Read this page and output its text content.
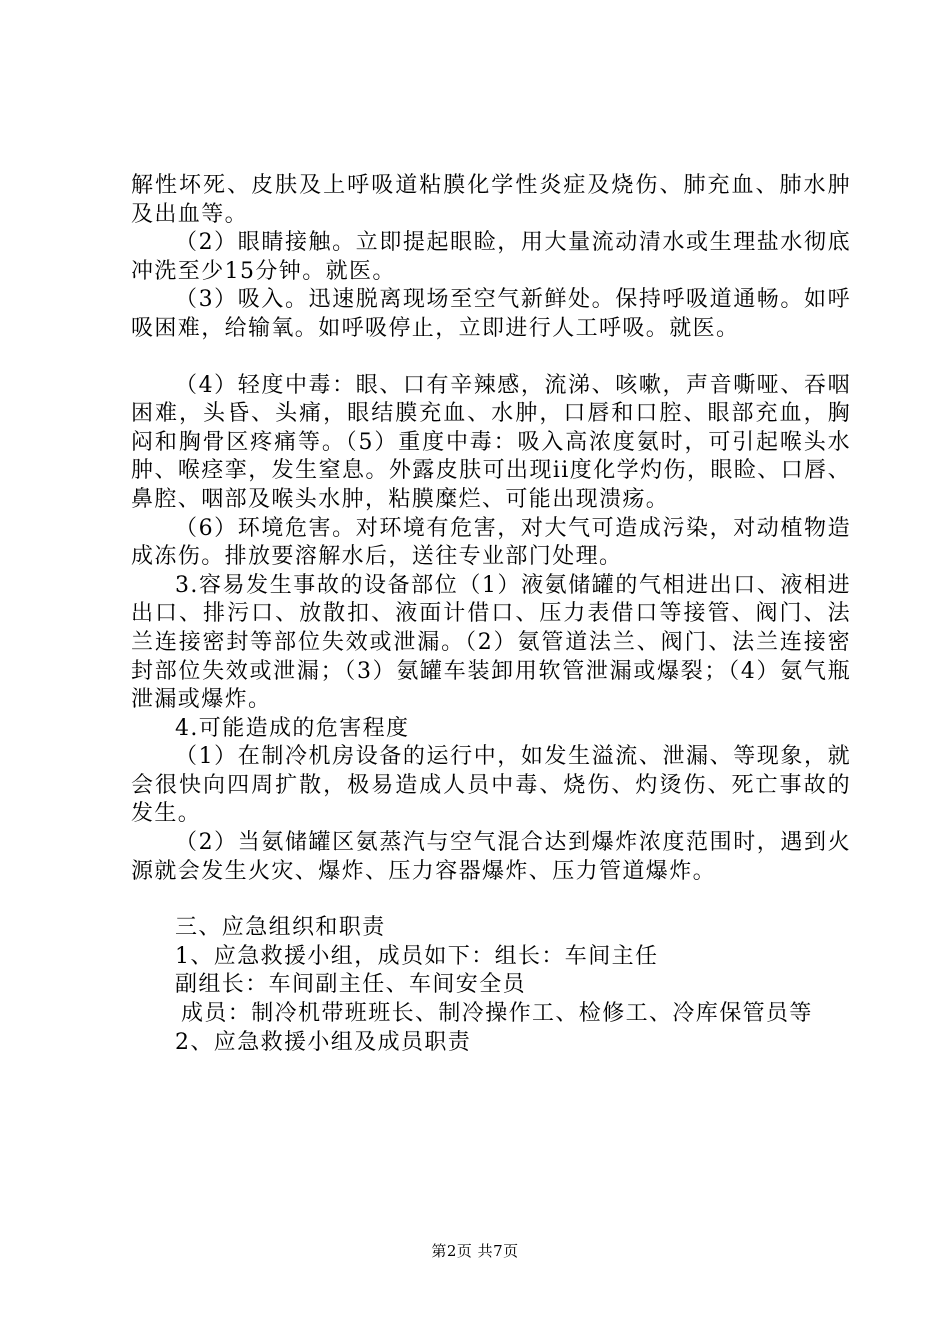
解性坏死、皮肤及上呼吸道粘膜化学性炎症及烧伤、肺充血、肺水肿及出血等。

（2）眼睛接触。立即提起眼睑，用大量流动清水或生理盐水彻底冲洗至少15分钟。就医。

（3）吸入。迅速脱离现场至空气新鲜处。保持呼吸道通畅。如呼吸困难，给输氧。如呼吸停止，立即进行人工呼吸。就医。

（4）轻度中毒：眼、口有辛辣感，流涕、咳嗽，声音嘶哑、吞咽困难，头昏、头痛，眼结膜充血、水肿，口唇和口腔、眼部充血，胸闷和胸骨区疼痛等。（5）重度中毒：吸入高浓度氨时，可引起喉头水肿、喉痉挛，发生窒息。外露皮肤可出现ii度化学灼伤，眼睑、口唇、鼻腔、咽部及喉头水肿，粘膜糜烂、可能出现溃疡。

（6）环境危害。对环境有危害，对大气可造成污染，对动植物造成冻伤。排放要溶解水后，送往专业部门处理。

3.容易发生事故的设备部位（1）液氨储罐的气相进出口、液相进出口、排污口、放散扣、液面计借口、压力表借口等接管、阀门、法兰连接密封等部位失效或泄漏。（2）氨管道法兰、阀门、法兰连接密封部位失效或泄漏；（3）氨罐车装卸用软管泄漏或爆裂；（4）氨气瓶泄漏或爆炸。

4.可能造成的危害程度

（1）在制冷机房设备的运行中，如发生溢流、泄漏、等现象，就会很快向四周扩散，极易造成人员中毒、烧伤、灼烫伤、死亡事故的发生。

（2）当氨储罐区氨蒸汽与空气混合达到爆炸浓度范围时，遇到火源就会发生火灾、爆炸、压力容器爆炸、压力管道爆炸。

三、应急组织和职责

1、应急救援小组，成员如下：组长：车间主任

副组长：车间副主任、车间安全员

成员：制冷机带班班长、制冷操作工、检修工、冷库保管员等

2、应急救援小组及成员职责

第2页 共7页
